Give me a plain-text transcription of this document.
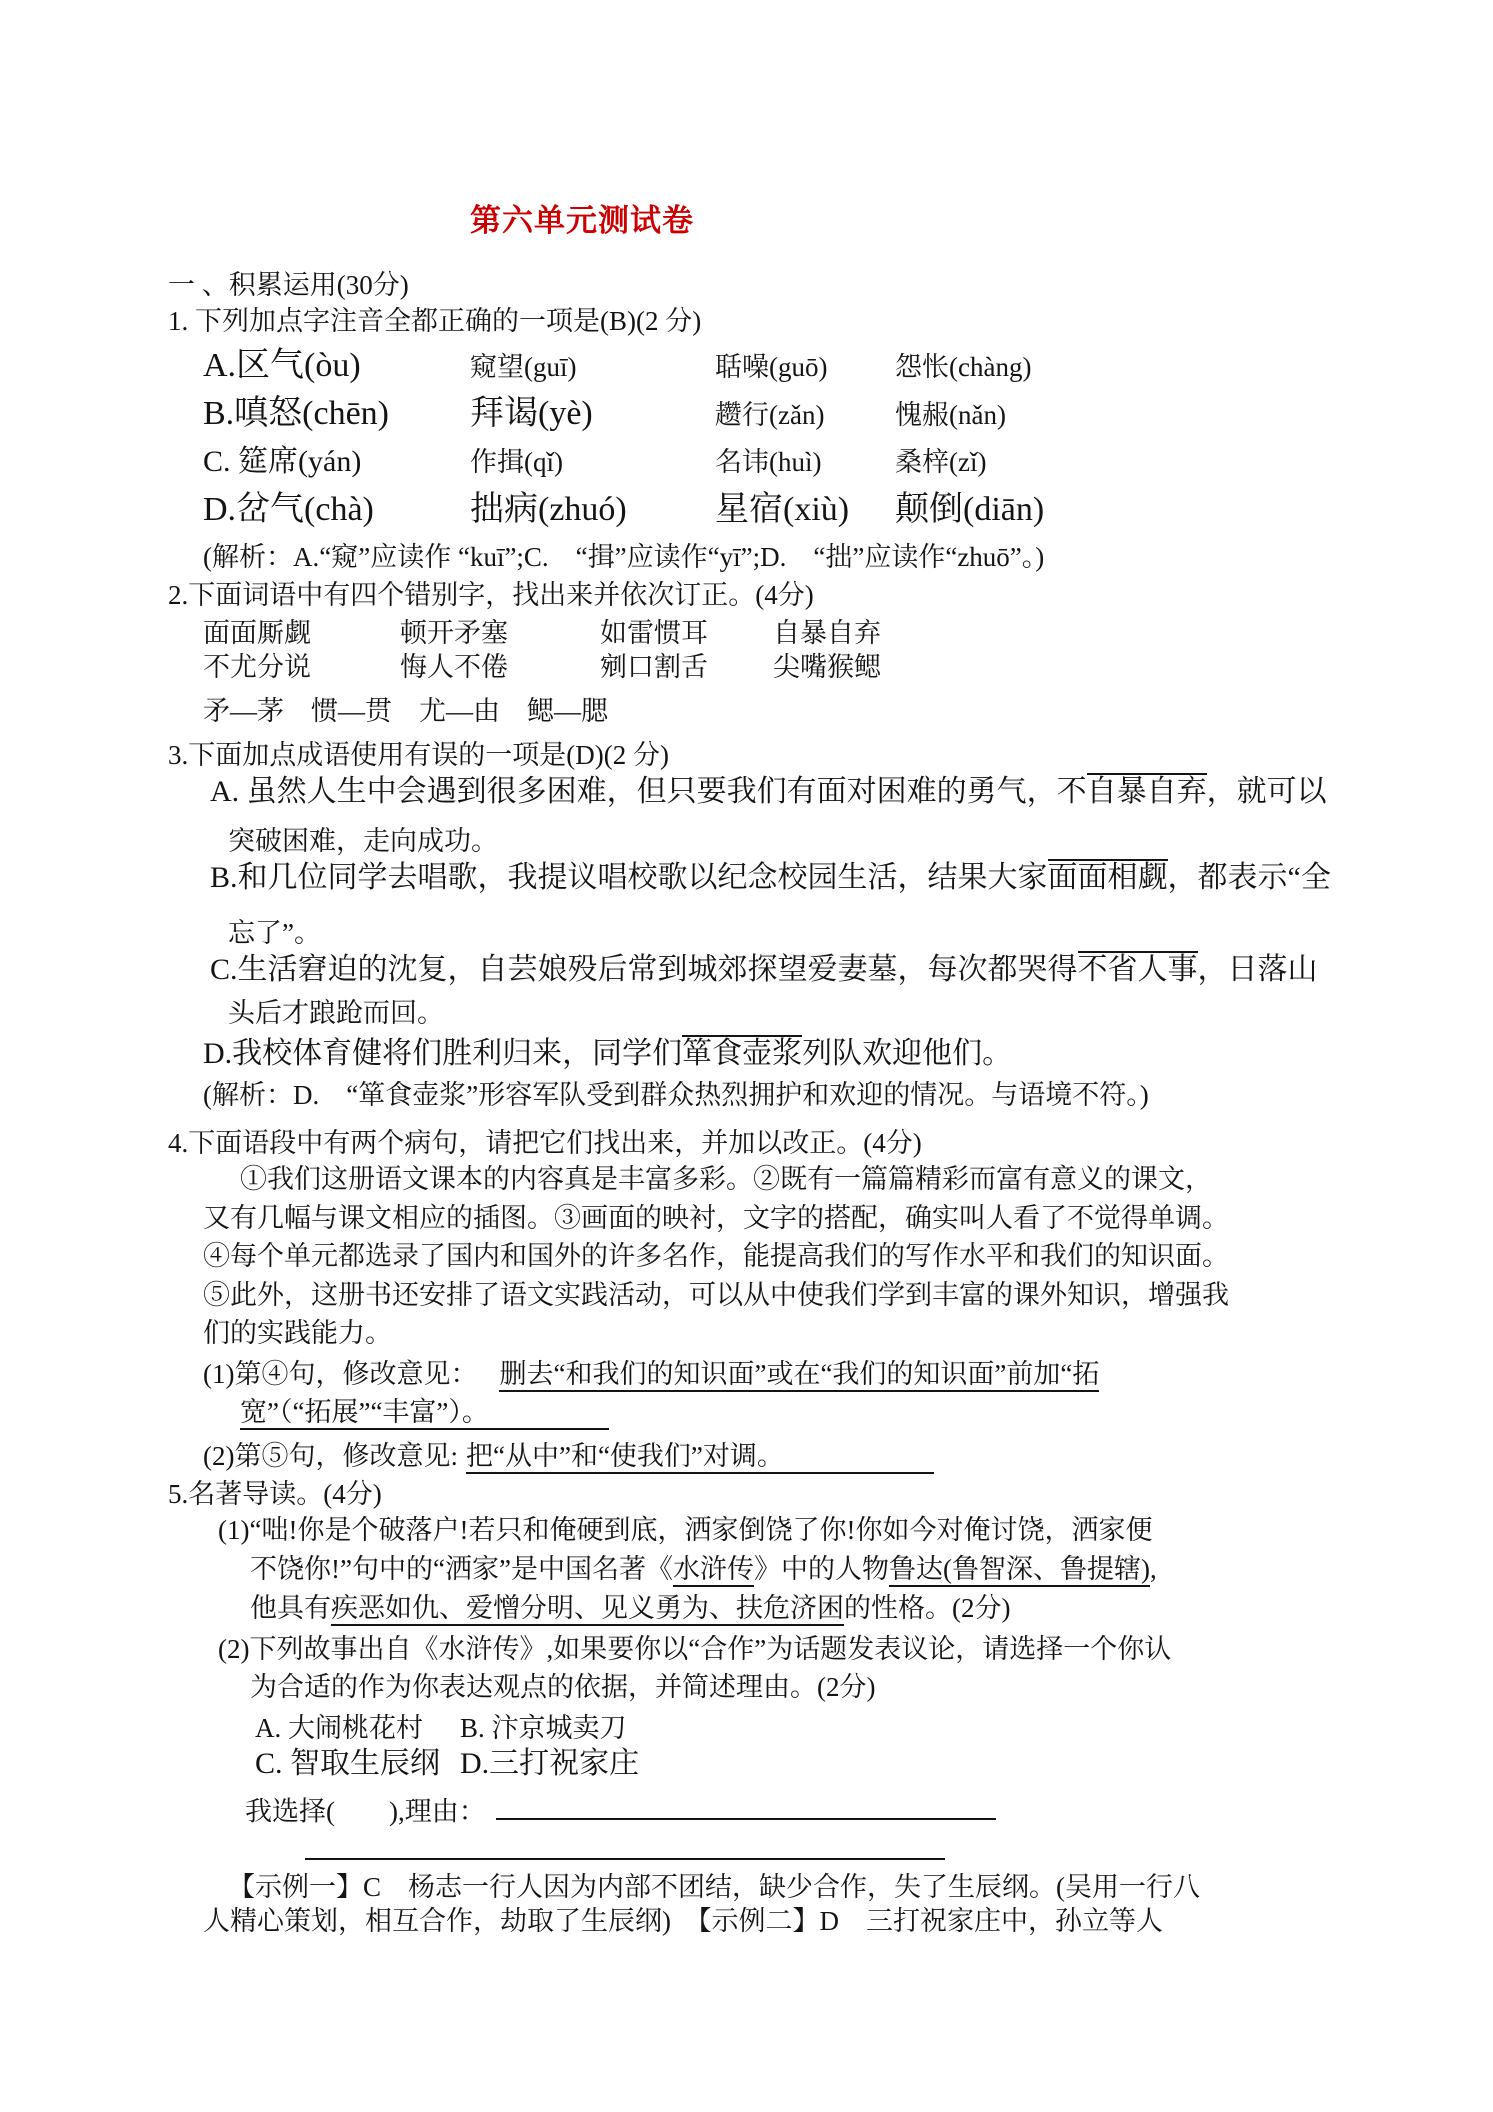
第六单元测试卷
一 、积累运用(30分)
1. 下列加点字注音全都正确的一项是(B)(2 分)
A.区气(òu)	窥望(guī)	聒噪(guō)	怨怅(chàng)
B.嗔怒(chēn)	拜谒(yè)	趱行(zǎn)	愧赧(nǎn)
C. 筵席(yán)	作揖(qǐ)	名讳(huì)	桑梓(zǐ)
D.岔气(chà)	拙病(zhuó)	星宿(xiù)	颠倒(diān)
(解析：A.“窥”应读作 “kuī”;C.　“揖”应读作“yī”;D.　“拙”应读作“zhuō”。)
2.下面词语中有四个错别字，找出来并依次订正。(4分)
面面厮觑	顿开矛塞	如雷惯耳	自暴自弃
不尤分说	悔人不倦	剜口割舌	尖嘴猴鳃
矛—茅　惯—贯　尤—由　鳃—腮
3.下面加点成语使用有误的一项是(D)(2 分)
A. 虽然人生中会遇到很多困难，但只要我们有面对困难的勇气，不自暴自弃，就可以
突破困难，走向成功。
B.和几位同学去唱歌，我提议唱校歌以纪念校园生活，结果大家面面相觑，都表示“全
忘了”。
C.生活窘迫的沈复，自芸娘殁后常到城郊探望爱妻墓，每次都哭得不省人事，日落山
头后才踉跄而回。
D.我校体育健将们胜利归来，同学们箪食壶浆列队欢迎他们。
(解析：D.　“箪食壶浆”形容军队受到群众热烈拥护和欢迎的情况。与语境不符。)
4.下面语段中有两个病句，请把它们找出来，并加以改正。(4分)
①我们这册语文课本的内容真是丰富多彩。②既有一篇篇精彩而富有意义的课文，
又有几幅与课文相应的插图。③画面的映衬，文字的搭配，确实叫人看了不觉得单调。
④每个单元都选录了国内和国外的许多名作，能提高我们的写作水平和我们的知识面。
⑤此外，这册书还安排了语文实践活动，可以从中使我们学到丰富的课外知识，增强我
们的实践能力。
(1)第④句，修改意见： 删去“和我们的知识面”或在“我们的知识面”前加“拓
宽”（“拓展”“丰富”）。
(2)第⑤句，修改意见: 把“从中”和“使我们”对调。
5.名著导读。(4分)
(1)“咄!你是个破落户!若只和俺硬到底，洒家倒饶了你!你如今对俺讨饶，洒家便
不饶你!”句中的“洒家”是中国名著《水浒传》中的人物鲁达(鲁智深、鲁提辖),
他具有疾恶如仇、爱憎分明、见义勇为、扶危济困的性格。(2分)
(2)下列故事出自《水浒传》,如果要你以“合作”为话题发表议论，请选择一个你认
为合适的作为你表达观点的依据，并简述理由。(2分)
A. 大闹桃花村	B. 汴京城卖刀
C. 智取生辰纲 D.三打祝家庄
我选择(　　),理由：
【示例一】C　杨志一行人因为内部不团结，缺少合作，失了生辰纲。(吴用一行八
人精心策划，相互合作，劫取了生辰纲)　【示例二】D　三打祝家庄中，孙立等人
